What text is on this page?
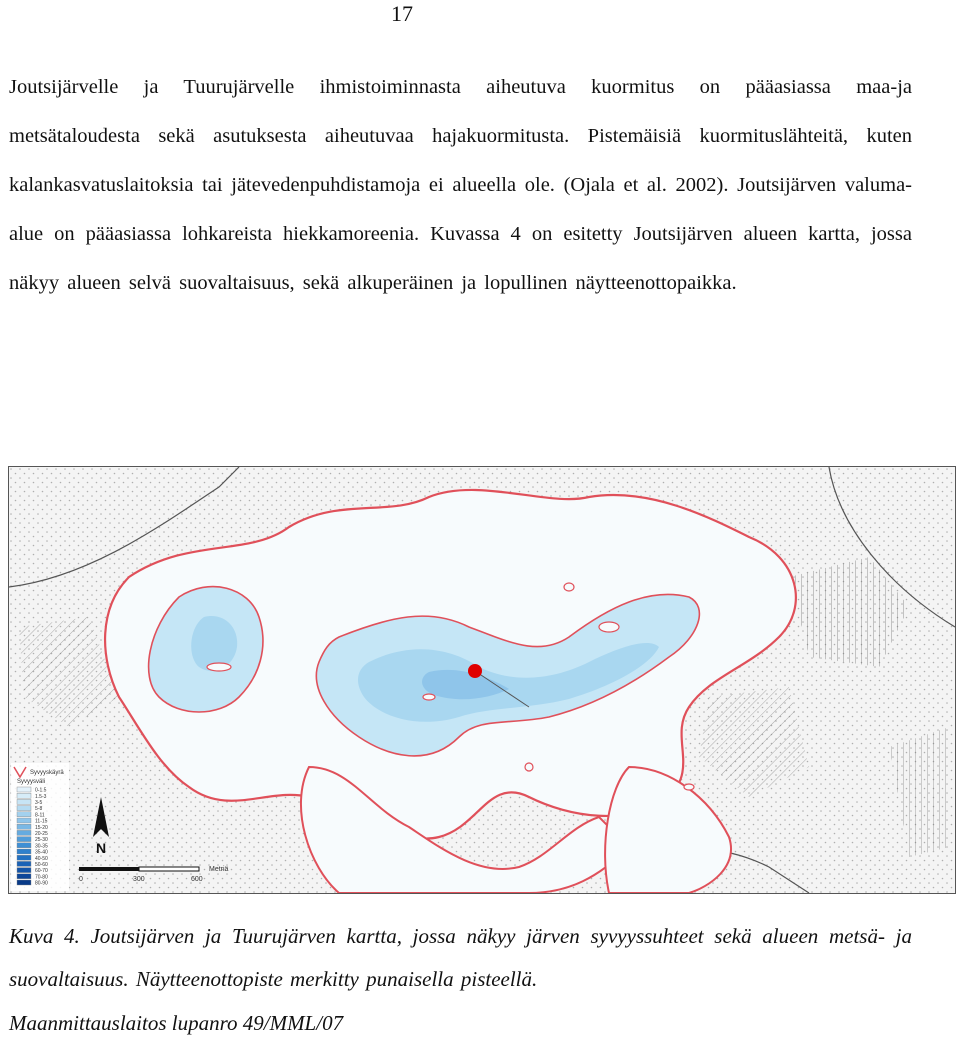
17

Joutsijärvelle ja Tuurujärvelle ihmistoiminnasta aiheutuva kuormitus on pääasiassa maa-ja metsätaloudesta sekä asutuksesta aiheutuvaa hajakuormitusta. Pistemäisiä kuormituslähteitä, kuten kalankasvatuslaitoksia tai jätevedenpuhdistamoja ei alueella ole. (Ojala et al. 2002). Joutsijärven valuma-alue on pääasiassa lohkareista hiekkamoreenia. Kuvassa 4 on esitetty Joutsijärven alueen kartta, jossa näkyy alueen selvä suovaltaisuus, sekä alkuperäinen ja lopullinen näytteenottopaikka.

Syvyyskäyrä
Syvyysväli
0-1.5
1.5-3
3-5
5-8
8-11
11-15
15-20
20-25
25-30
30-35
35-40
40-50
50-60
60-70
70-80
80-90
N
0	300	600
Metriä

Kuva 4. Joutsijärven ja Tuurujärven kartta, jossa näkyy järven syvyyssuhteet sekä alueen metsä- ja suovaltaisuus. Näytteenottopiste merkitty punaisella pisteellä.

Maanmittauslaitos lupanro 49/MML/07
